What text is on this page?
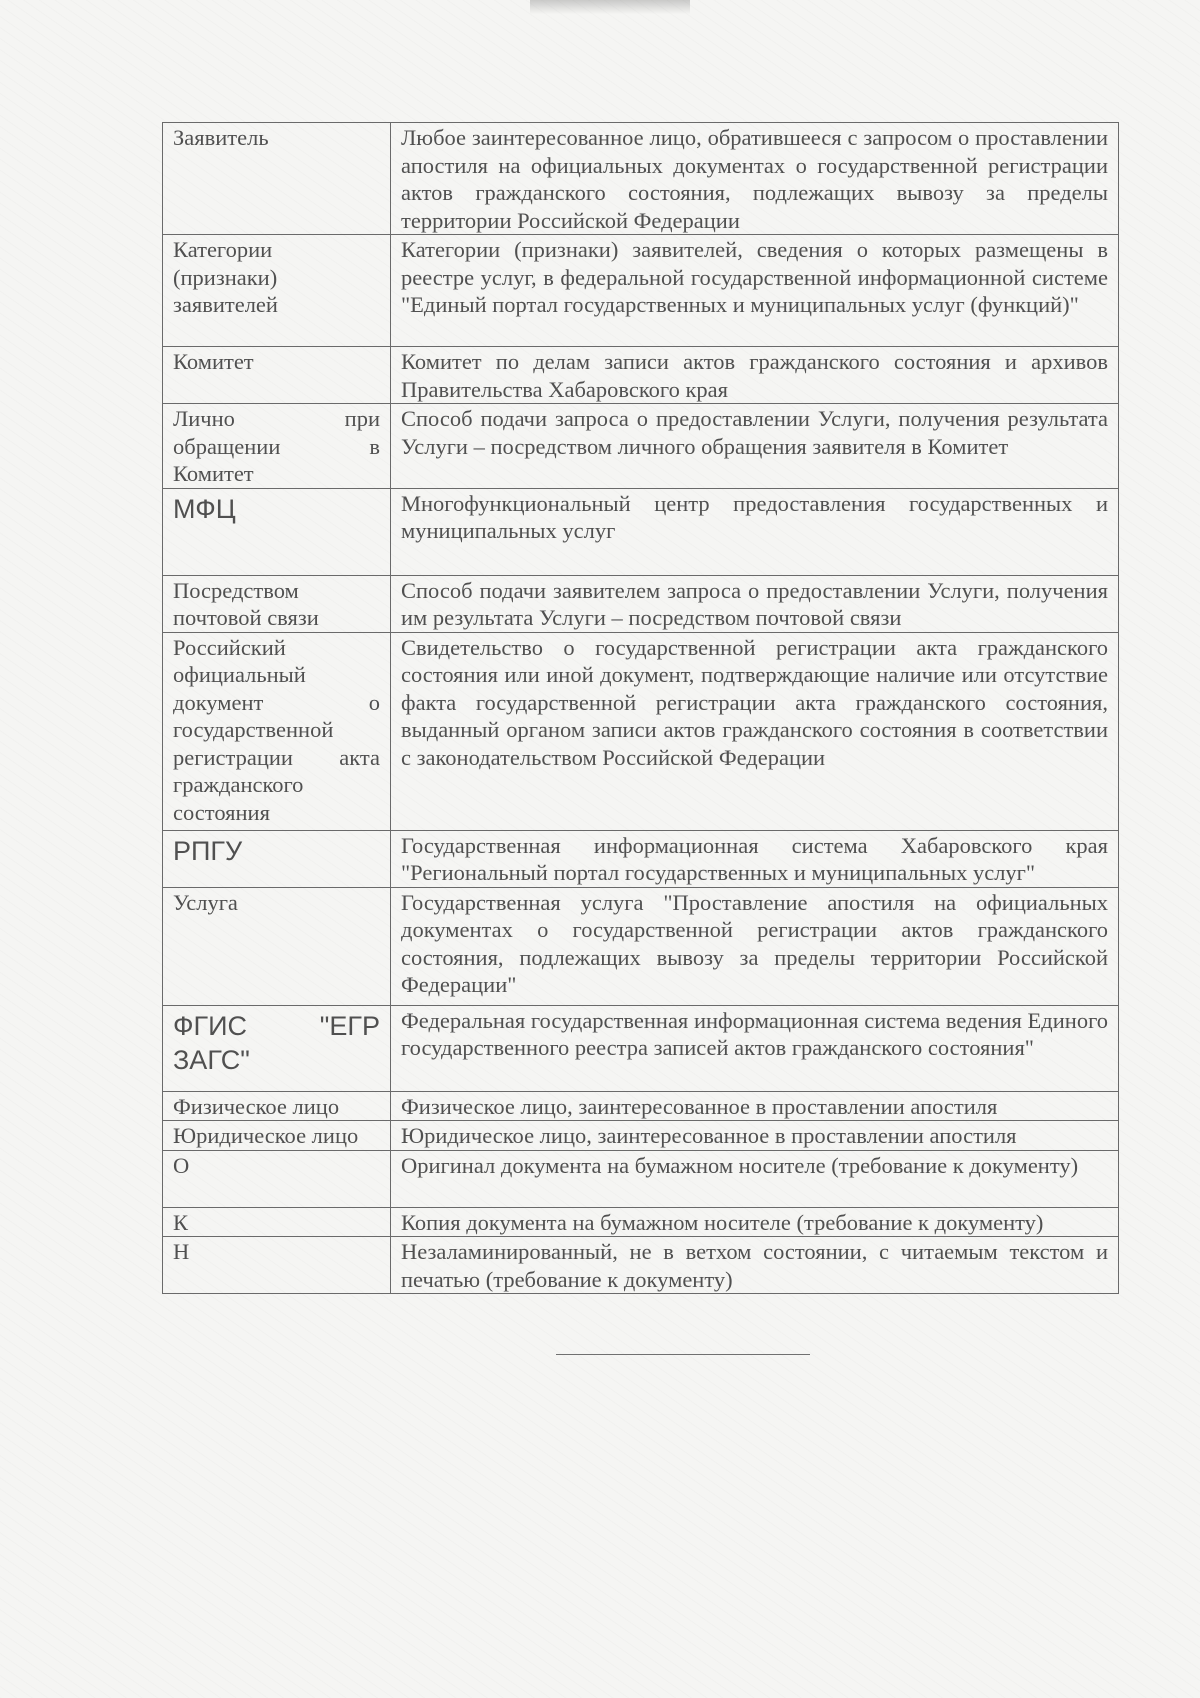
Заявитель	Любое заинтересованное лицо, обратившееся с запросом о проставлении апостиля на официальных документах о государственной регистрации актов гражданского состояния, подлежащих вывозу за пределы территории Российской Федерации
Категории (признаки) заявителей	Категории (признаки) заявителей, сведения о которых размещены в реестре услуг, в федеральной государственной информационной системе "Единый портал государственных и муниципальных услуг (функций)"
Комитет	Комитет по делам записи актов гражданского состояния и архивов Правительства Хабаровского края
Лично при обращении в Комитет	Способ подачи запроса о предоставлении Услуги, получения результата Услуги – посредством личного обращения заявителя в Комитет
МФЦ	Многофункциональный центр предоставления государственных и муниципальных услуг
Посредством почтовой связи	Способ подачи заявителем запроса о предоставлении Услуги, получения им результата Услуги – посредством почтовой связи
Российский официальный документ о государственной регистрации акта гражданского состояния	Свидетельство о государственной регистрации акта гражданского состояния или иной документ, подтверждающие наличие или отсутствие факта государственной регистрации акта гражданского состояния, выданный органом записи актов гражданского состояния в соответствии с законодательством Российской Федерации
РПГУ	Государственная информационная система Хабаровского края "Региональный портал государственных и муниципальных услуг"
Услуга	Государственная услуга "Проставление апостиля на официальных документах о государственной регистрации актов гражданского состояния, подлежащих вывозу за пределы территории Российской Федерации"
ФГИС "ЕГР ЗАГС"	Федеральная государственная информационная система ведения Единого государственного реестра записей актов гражданского состояния"
Физическое лицо	Физическое лицо, заинтересованное в проставлении апостиля
Юридическое лицо	Юридическое лицо, заинтересованное в проставлении апостиля
О	Оригинал документа на бумажном носителе (требование к документу)
К	Копия документа на бумажном носителе (требование к документу)
Н	Незаламинированный, не в ветхом состоянии, с читаемым текстом и печатью (требование к документу)
